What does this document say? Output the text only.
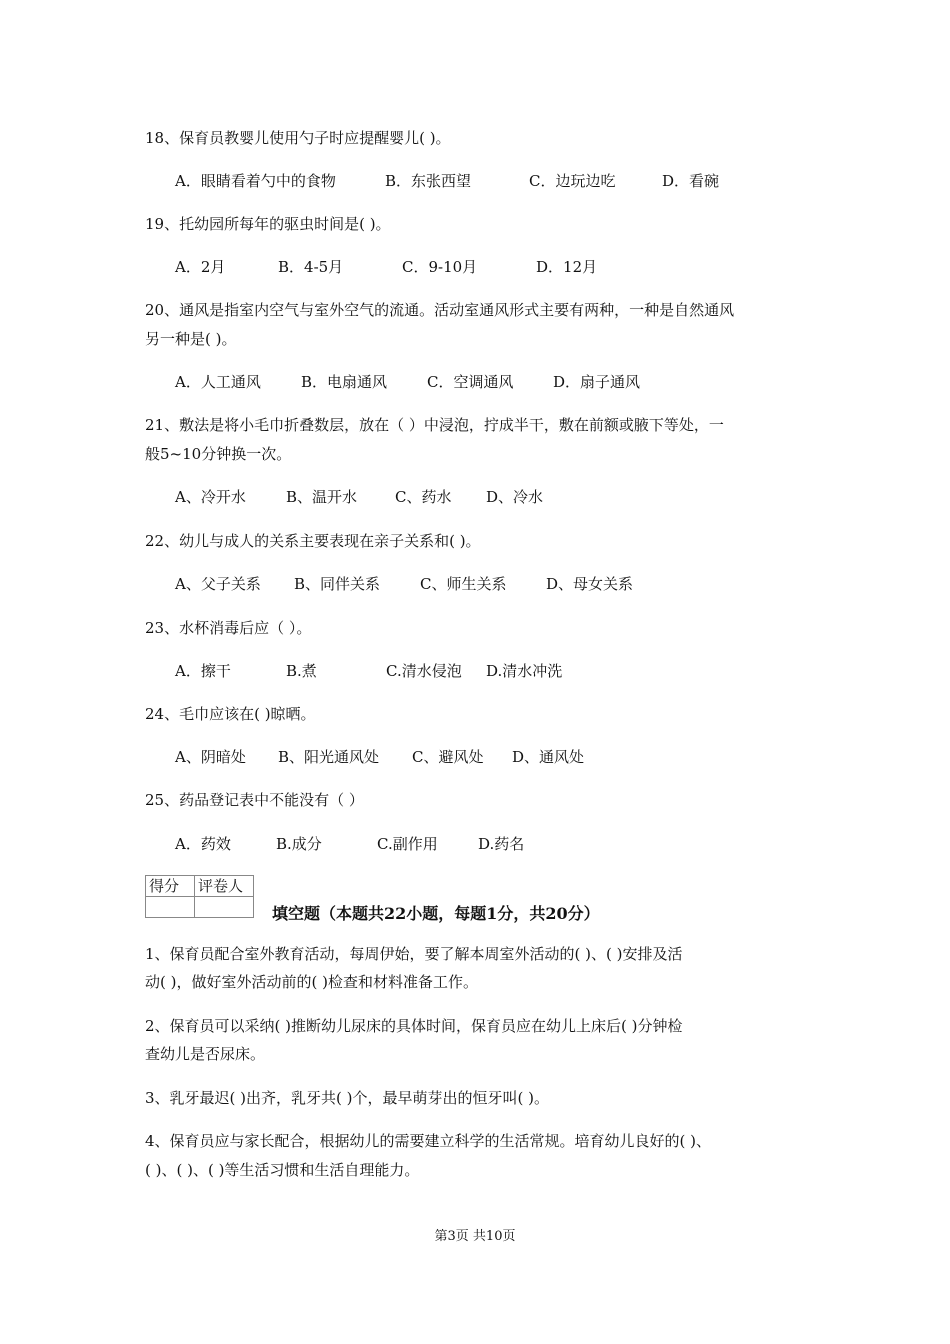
18、保育员教婴儿使用勺子时应提醒婴儿( )。
A．眼睛看着勺中的食物	B．东张西望	C．边玩边吃	D．看碗
19、托幼园所每年的驱虫时间是( )。
A．2月	B．4-5月	C．9-10月	D．12月
20、通风是指室内空气与室外空气的流通。活动室通风形式主要有两种，一种是自然通风
另一种是( )。
A．人工通风	B．电扇通风	C．空调通风	D．扇子通风
21、敷法是将小毛巾折叠数层，放在（ ）中浸泡，拧成半干，敷在前额或腋下等处，一
般5~10分钟换一次。
A、冷开水	B、温开水	C、药水 D、冷水
22、幼儿与成人的关系主要表现在亲子关系和( )。
A、父子关系 B、同伴关系	C、师生关系	D、母女关系
23、水杯消毒后应（ ）。
A．擦干	B.煮	C.清水侵泡 D.清水冲洗
24、毛巾应该在( )晾晒。
A、阴暗处 B、阳光通风处 C、避风处 D、通风处
25、药品登记表中不能没有（ ）
A．药效	B.成分	C.副作用	D.药名
得分	评卷人

填空题（本题共22小题，每题1分，共20分）
1、保育员配合室外教育活动，每周伊始，要了解本周室外活动的( )、( )安排及活
动( )，做好室外活动前的( )检查和材料准备工作。
2、保育员可以采纳( )推断幼儿尿床的具体时间，保育员应在幼儿上床后( )分钟检
查幼儿是否尿床。
3、乳牙最迟( )出齐，乳牙共( )个，最早萌芽出的恒牙叫( )。
4、保育员应与家长配合，根据幼儿的需要建立科学的生活常规。培育幼儿良好的( )、
( )、( )、( )等生活习惯和生活自理能力。
第3页 共10页
